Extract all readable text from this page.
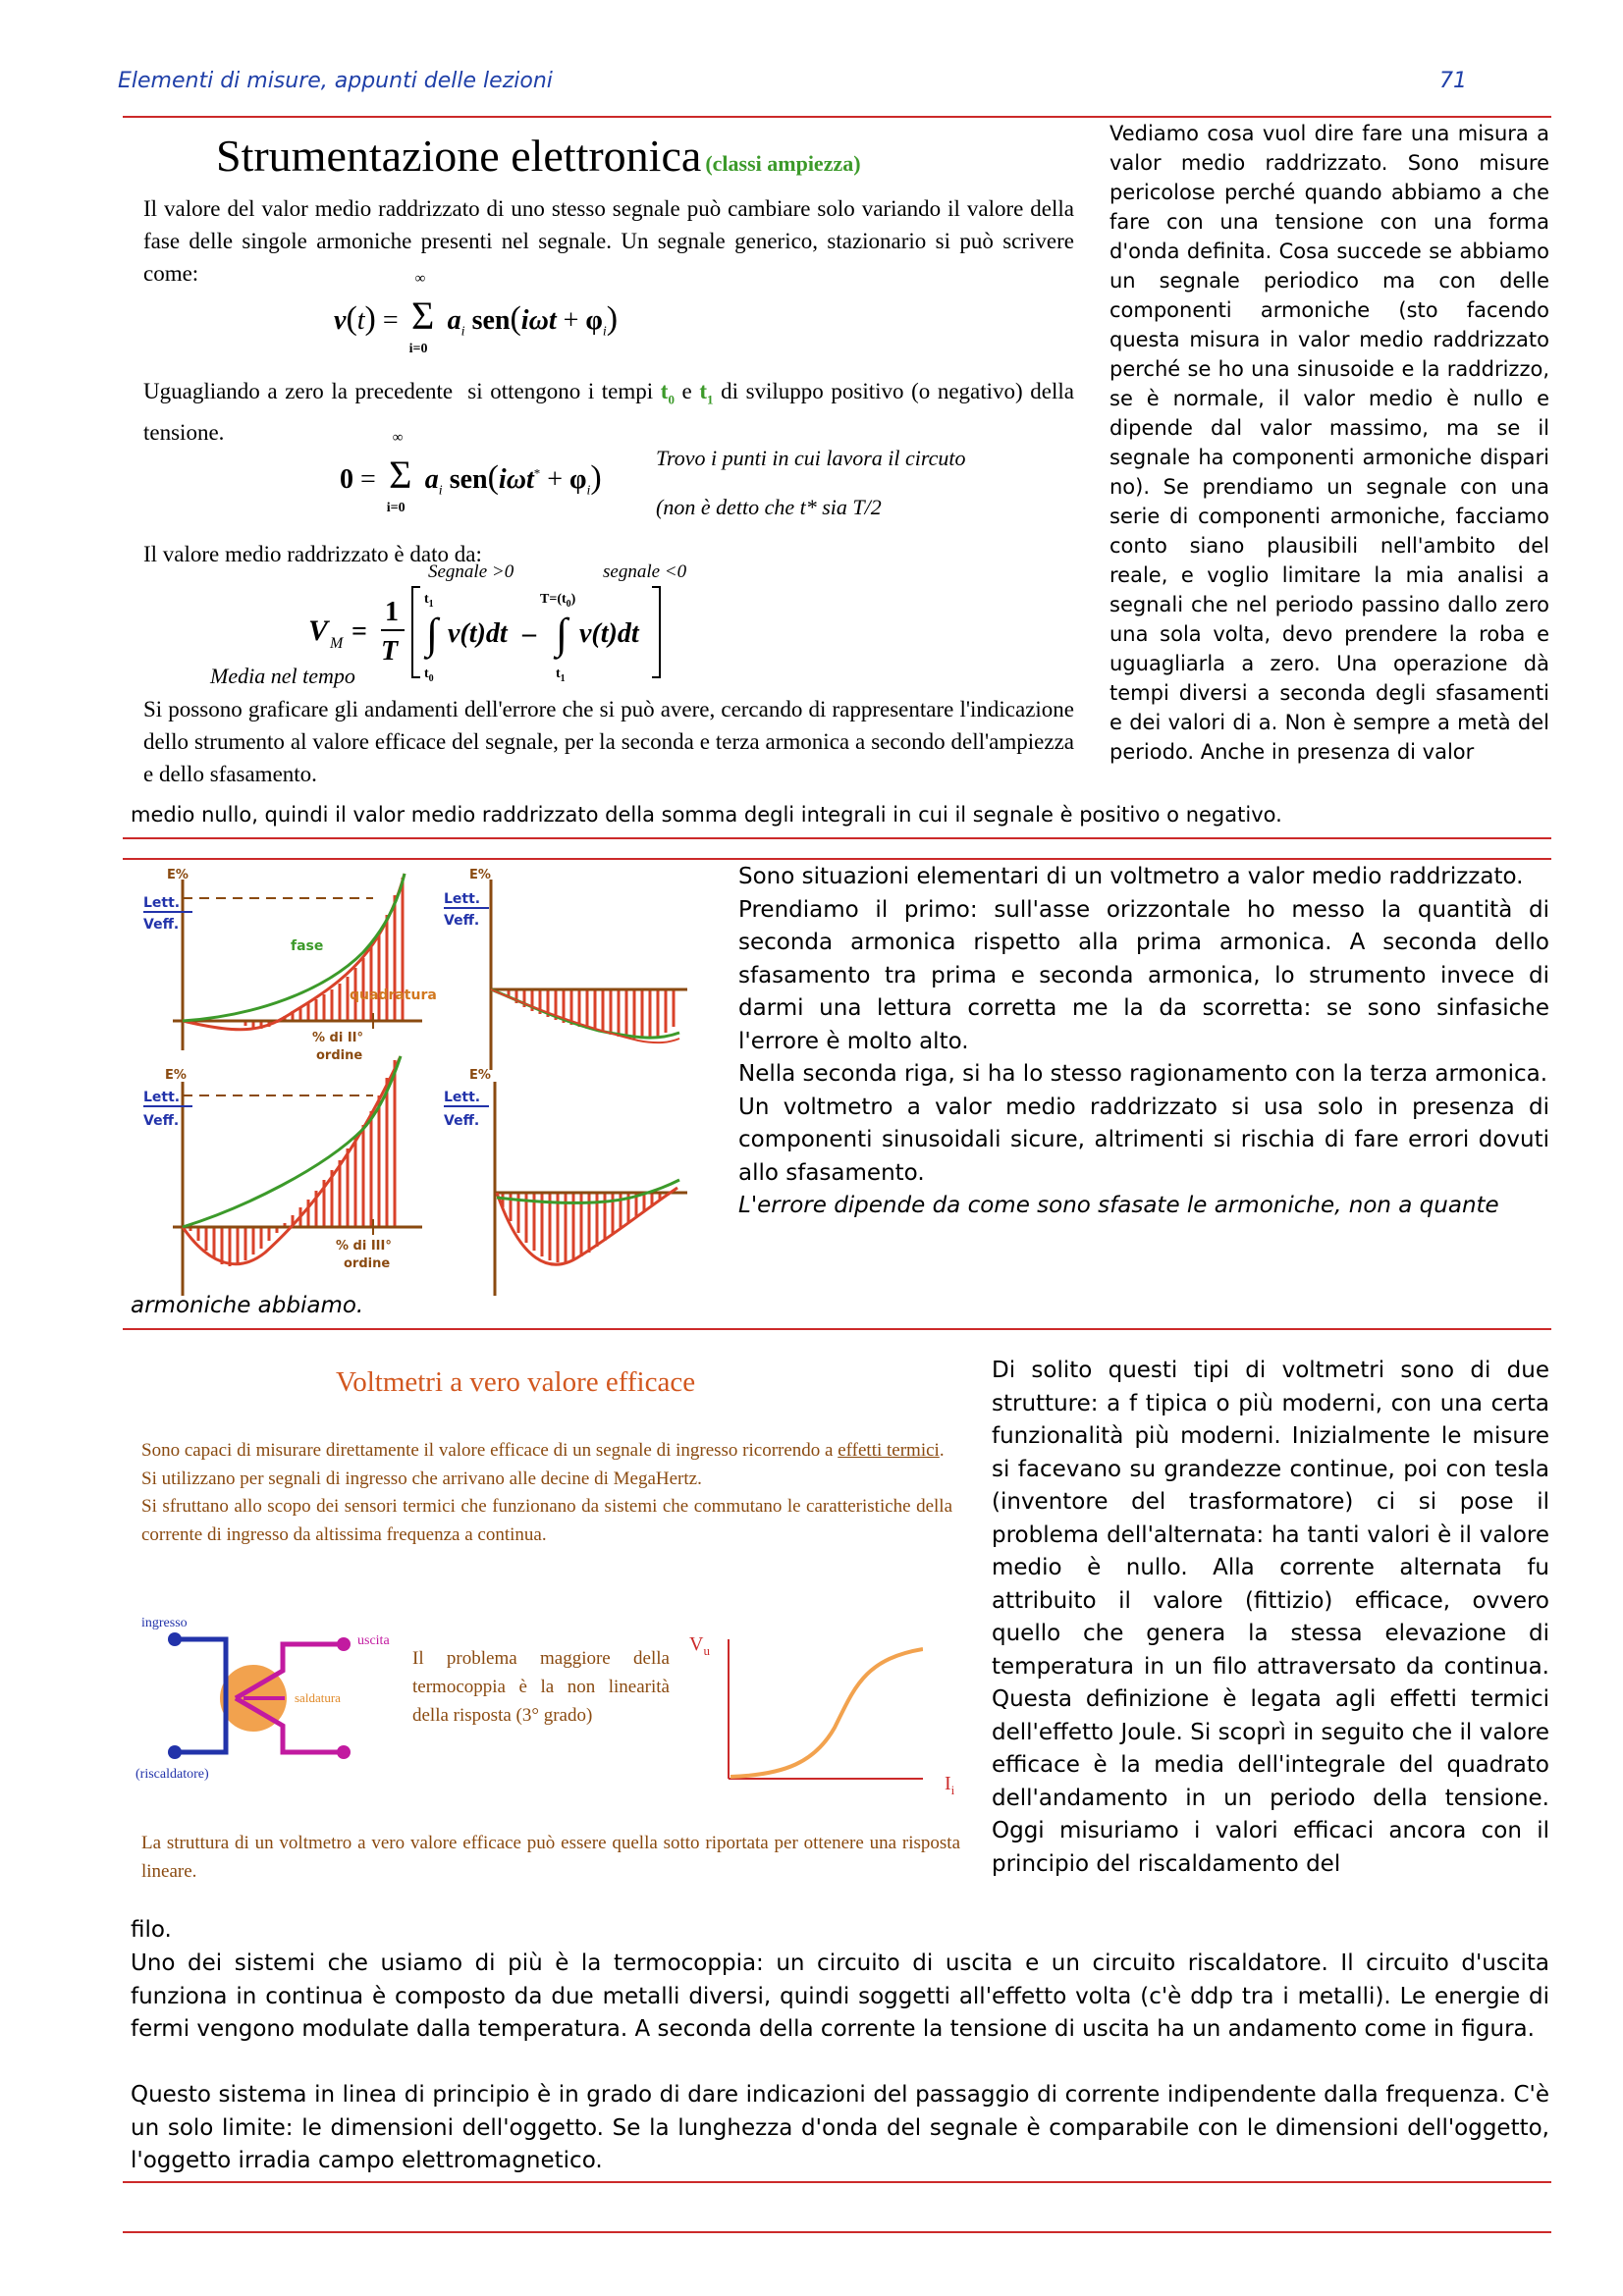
Elementi di misure, appunti delle lezioni	71
Strumentazione elettronica (classi ampiezza)
Il valore del valor medio raddrizzato di uno stesso segnale può cambiare solo variando il valore della fase delle singole armoniche presenti nel segnale. Un segnale generico, stazionario si può scrivere come:
v(t) =
∞
Σ
i=0
$a_i$ $sen(i\omega t + \varphi_i)$
Uguagliando a zero la precedente  si ottengono i tempi $t_0$ e $t_1$ di sviluppo positivo (o negativo) della tensione.
0 =
∞
Σ
i=0
$a_i$ $sen(i\omega t^* + \varphi_i)$
Trovo i punti in cui lavora il circuto
(non è detto che t* sia T/2
Il valore medio raddrizzato è dato da:
Segnale >0	segnale <0
V M =
1
T
$t_1$
∫
$t_0$
v(t)dt –
$T=(t_0)$
∫
$t_1$
v(t)dt
Media nel tempo
Si possono graficare gli andamenti dell'errore che si può avere, cercando di rappresentare l'indicazione dello strumento al valore efficace del segnale, per la seconda e terza armonica a secondo dell'ampiezza e dello sfasamento.
Vediamo cosa vuol dire fare una misura a valor medio raddrizzato. Sono misure pericolose perché quando abbiamo a che fare con una tensione con una forma d'onda definita. Cosa succede se abbiamo un segnale periodico ma con delle componenti armoniche (sto facendo questa misura in valor medio raddrizzato perché se ho una sinusoide e la raddrizzo, se è normale, il valor medio è nullo e dipende dal valor massimo, ma se il segnale ha componenti armoniche dispari no). Se prendiamo un segnale con una serie di componenti armoniche, facciamo conto siano plausibili nell'ambito del reale, e voglio limitare la mia analisi a segnali che nel periodo passino dallo zero una sola volta, devo prendere la roba e uguagliarla a zero. Una operazione dà tempi diversi a seconda degli sfasamenti e dei valori di a. Non è sempre a metà del periodo. Anche in presenza di valor
medio nullo, quindi il valor medio raddrizzato della somma degli integrali in cui il segnale è positivo o negativo.
E%
Lett.
Veff.
fase
quadratura
% di II°
ordine
E%
Lett.
Veff.
E%
Lett.
Veff.
% di III°
ordine
E%
Lett.
Veff.
Sono situazioni elementari di un voltmetro a valor medio raddrizzato.
Prendiamo il primo: sull'asse orizzontale ho messo la quantità di seconda armonica rispetto alla prima armonica. A seconda dello sfasamento tra prima e seconda armonica, lo strumento invece di darmi una lettura corretta me la da scorretta: se sono sinfasiche l'errore è molto alto.
Nella seconda riga, si ha lo stesso ragionamento con la terza armonica.
Un voltmetro a valor medio raddrizzato si usa solo in presenza di componenti sinusoidali sicure, altrimenti si rischia di fare errori dovuti allo sfasamento.
L'errore dipende da come sono sfasate le armoniche, non a quante
armoniche abbiamo.
Voltmetri a vero valore efficace
Sono capaci di misurare direttamente il valore efficace di un segnale di ingresso ricorrendo a effetti termici.
Si utilizzano per segnali di ingresso che arrivano alle decine di MegaHertz.
Si sfruttano allo scopo dei sensori termici che funzionano da sistemi che commutano le caratteristiche della corrente di ingresso da altissima frequenza a continua.
ingresso
uscita
saldatura
(riscaldatore)
Il problema maggiore della termocoppia è la non linearità della risposta (3° grado)
$V_u$
$I_i$
La struttura di un voltmetro a vero valore efficace può essere quella sotto riportata per ottenere una risposta lineare.
Di solito questi tipi di voltmetri sono di due strutture: a f tipica o più moderni, con una certa funzionalità più moderni. Inizialmente le misure si facevano su grandezze continue, poi con tesla (inventore del trasformatore) ci si pose il problema dell'alternata: ha tanti valori è il valore medio è nullo. Alla corrente alternata fu attribuito il valore (fittizio) efficace, ovvero quello che genera la stessa elevazione di temperatura in un filo attraversato da continua. Questa definizione è legata agli effetti termici dell'effetto Joule. Si scoprì in seguito che il valore efficace è la media dell'integrale del quadrato dell'andamento in un periodo della tensione. Oggi misuriamo i valori efficaci ancora con il principio del riscaldamento del
filo.
Uno dei sistemi che usiamo di più è la termocoppia: un circuito di uscita e un circuito riscaldatore. Il circuito d'uscita funziona in continua è composto da due metalli diversi, quindi soggetti all'effetto volta (c'è ddp tra i metalli). Le energie di fermi vengono modulate dalla temperatura. A seconda della corrente la tensione di uscita ha un andamento come in figura.
Questo sistema in linea di principio è in grado di dare indicazioni del passaggio di corrente indipendente dalla frequenza. C'è un solo limite: le dimensioni dell'oggetto. Se la lunghezza d'onda del segnale è comparabile con le dimensioni dell'oggetto, l'oggetto irradia campo elettromagnetico.
